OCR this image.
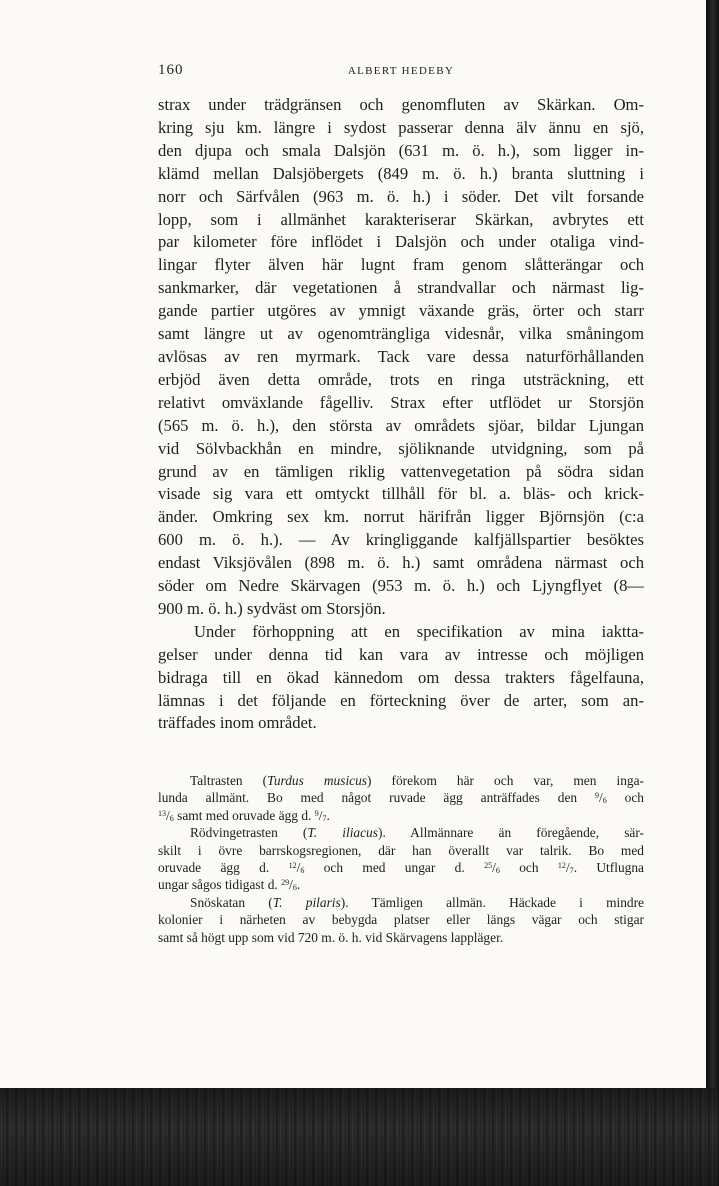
160	ALBERT HEDEBY

strax under trädgränsen och genomfluten av Skärkan. Om-

kring sju km. längre i sydost passerar denna älv ännu en sjö,

den djupa och smala Dalsjön (631 m. ö. h.), som ligger in-

klämd mellan Dalsjöbergets (849 m. ö. h.) branta sluttning i

norr och Särfvålen (963 m. ö. h.) i söder. Det vilt forsande

lopp, som i allmänhet karakteriserar Skärkan, avbrytes ett

par kilometer före inflödet i Dalsjön och under otaliga vind-

lingar flyter älven här lugnt fram genom slåtterängar och

sankmarker, där vegetationen å strandvallar och närmast lig-

gande partier utgöres av ymnigt växande gräs, örter och starr

samt längre ut av ogenomträngliga videsnår, vilka småningom

avlösas av ren myrmark. Tack vare dessa naturförhållanden

erbjöd även detta område, trots en ringa utsträckning, ett

relativt omväxlande fågelliv. Strax efter utflödet ur Storsjön

(565 m. ö. h.), den största av områdets sjöar, bildar Ljungan

vid Sölvbackhån en mindre, sjöliknande utvidgning, som på

grund av en tämligen riklig vattenvegetation på södra sidan

visade sig vara ett omtyckt tillhåll för bl. a. bläs- och krick-

änder. Omkring sex km. norrut härifrån ligger Björnsjön (c:a

600 m. ö. h.). — Av kringliggande kalfjällspartier besöktes

endast Viksjövålen (898 m. ö. h.) samt områdena närmast och

söder om Nedre Skärvagen (953 m. ö. h.) och Ljyngflyet (8—

900 m. ö. h.) sydväst om Storsjön.

Under förhoppning att en specifikation av mina iaktta-

gelser under denna tid kan vara av intresse och möjligen

bidraga till en ökad kännedom om dessa trakters fågelfauna,

lämnas i det följande en förteckning över de arter, som an-

träffades inom området.

Taltrasten (Turdus musicus) förekom här och var, men inga-

lunda allmänt. Bo med något ruvade ägg anträffades den $^9/_6$ och

$^{13}/_6$ samt med oruvade ägg d. $^9/_7$.

Rödvingetrasten (T. iliacus). Allmännare än föregående, sär-

skilt i övre barrskogsregionen, där han överallt var talrik. Bo med

oruvade ägg d. $^{12}/_6$ och med ungar d. $^{25}/_6$ och $^{12}/_7$. Utflugna

ungar sågos tidigast d. $^{29}/_6$.

Snöskatan (T. pilaris). Tämligen allmän. Häckade i mindre

kolonier i närheten av bebygda platser eller längs vägar och stigar

samt så högt upp som vid 720 m. ö. h. vid Skärvagens lappläger.
